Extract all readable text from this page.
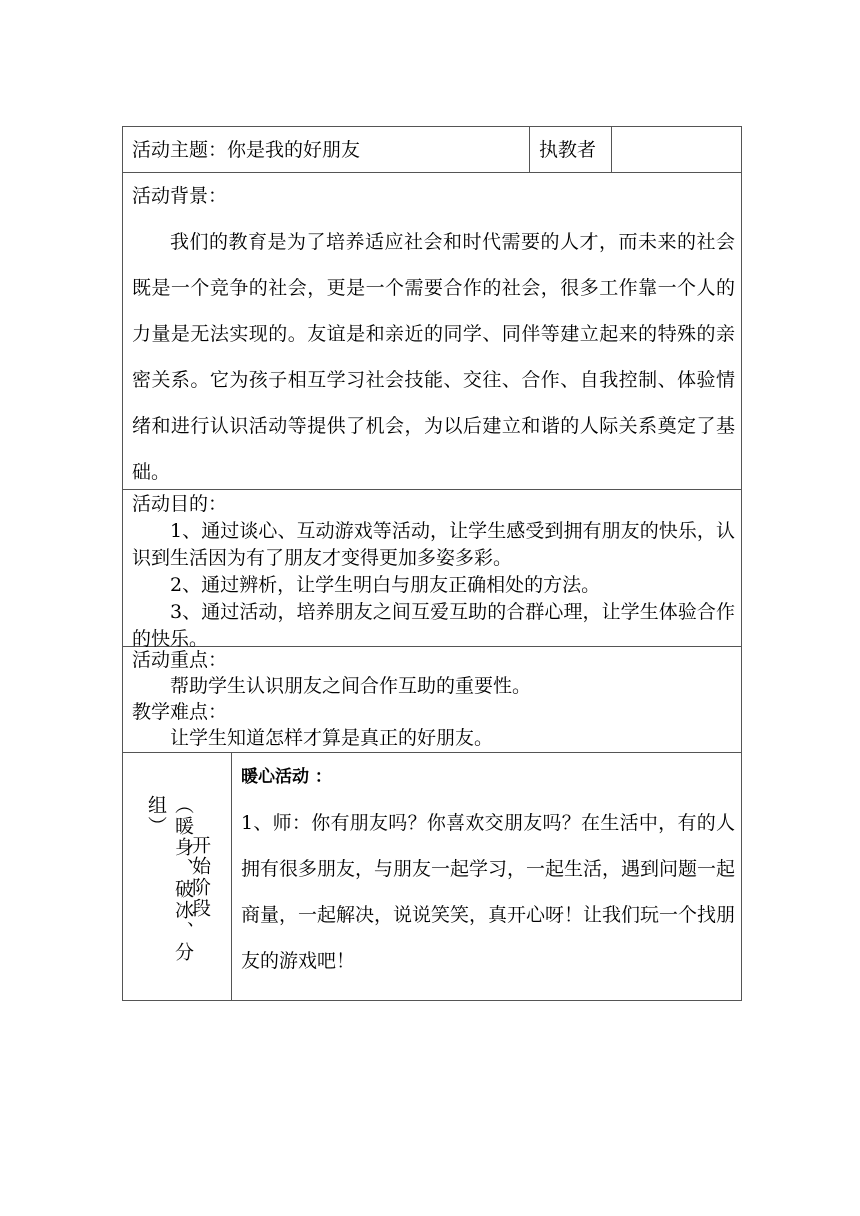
活动主题：你是我的好朋友	执教者

活动背景：

我们的教育是为了培养适应社会和时代需要的人才，而未来的社会既是一个竞争的社会，更是一个需要合作的社会，很多工作靠一个人的力量是无法实现的。友谊是和亲近的同学、同伴等建立起来的特殊的亲密关系。它为孩子相互学习社会技能、交往、合作、自我控制、体验情绪和进行认识活动等提供了机会，为以后建立和谐的人际关系奠定了基础。

活动目的：

1、通过谈心、互动游戏等活动，让学生感受到拥有朋友的快乐，认识到生活因为有了朋友才变得更加多姿多彩。

2、通过辨析，让学生明白与朋友正确相处的方法。

3、通过活动，培养朋友之间互爱互助的合群心理，让学生体验合作的快乐。

活动重点：

帮助学生认识朋友之间合作互助的重要性。

教学难点：

让学生知道怎样才算是真正的好朋友。

（暖身、破冰、分组）
开始阶段

暖心活动 ：

1、师：你有朋友吗？你喜欢交朋友吗？在生活中，有的人拥有很多朋友，与朋友一起学习，一起生活，遇到问题一起商量，一起解决，说说笑笑，真开心呀！让我们玩一个找朋友的游戏吧！
